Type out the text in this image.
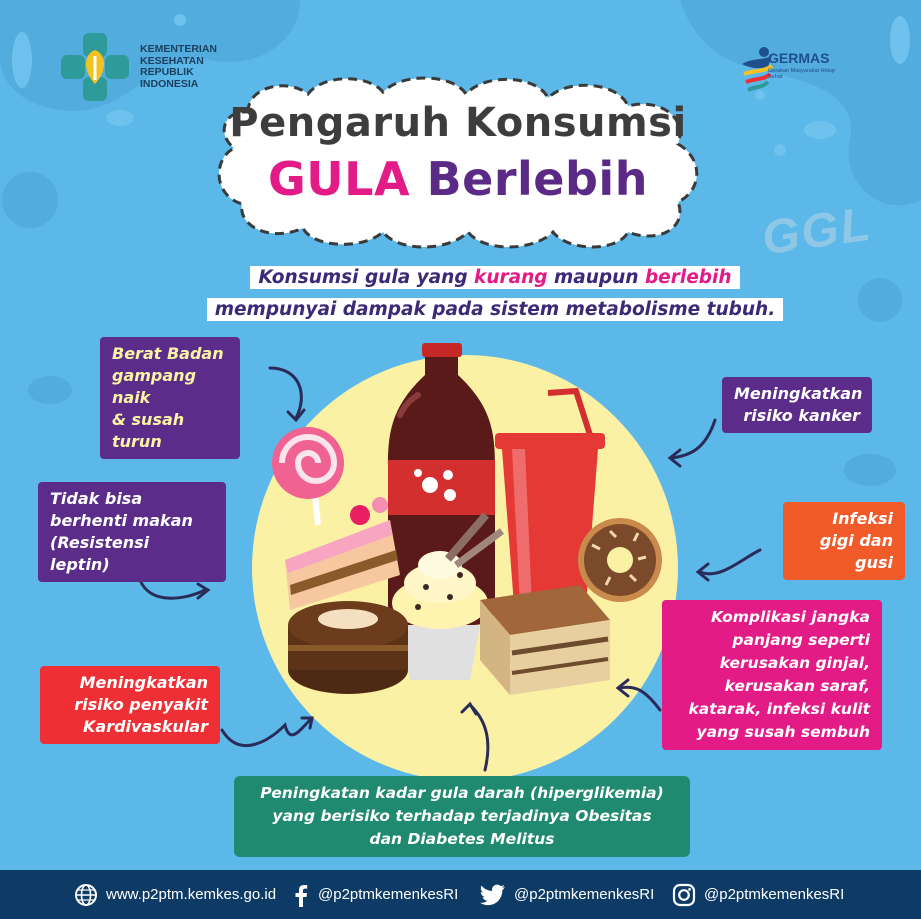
KEMENTERIAN
KESEHATAN
REPUBLIK
INDONESIA
GERMAS
Gerakan Masyarakat Hidup Sehat
Pengaruh Konsumsi
GULA Berlebih
GGL
Konsumsi gula yang kurang maupun berlebih
mempunyai dampak pada sistem metabolisme tubuh.
Berat Badan
gampang naik
& susah turun
Tidak bisa
berhenti makan
(Resistensi leptin)
Meningkatkan
risiko penyakit
Kardivaskular
Meningkatkan
risiko kanker
Infeksi
gigi dan gusi
Komplikasi jangka
panjang seperti
kerusakan ginjal,
kerusakan saraf,
katarak, infeksi kulit
yang susah sembuh
Peningkatan kadar gula darah (hiperglikemia)
yang berisiko terhadap terjadinya Obesitas
dan Diabetes Melitus
www.p2ptm.kemkes.go.id	@p2ptmkemenkesRI	@p2ptmkemenkesRI	@p2ptmkemenkesRI
